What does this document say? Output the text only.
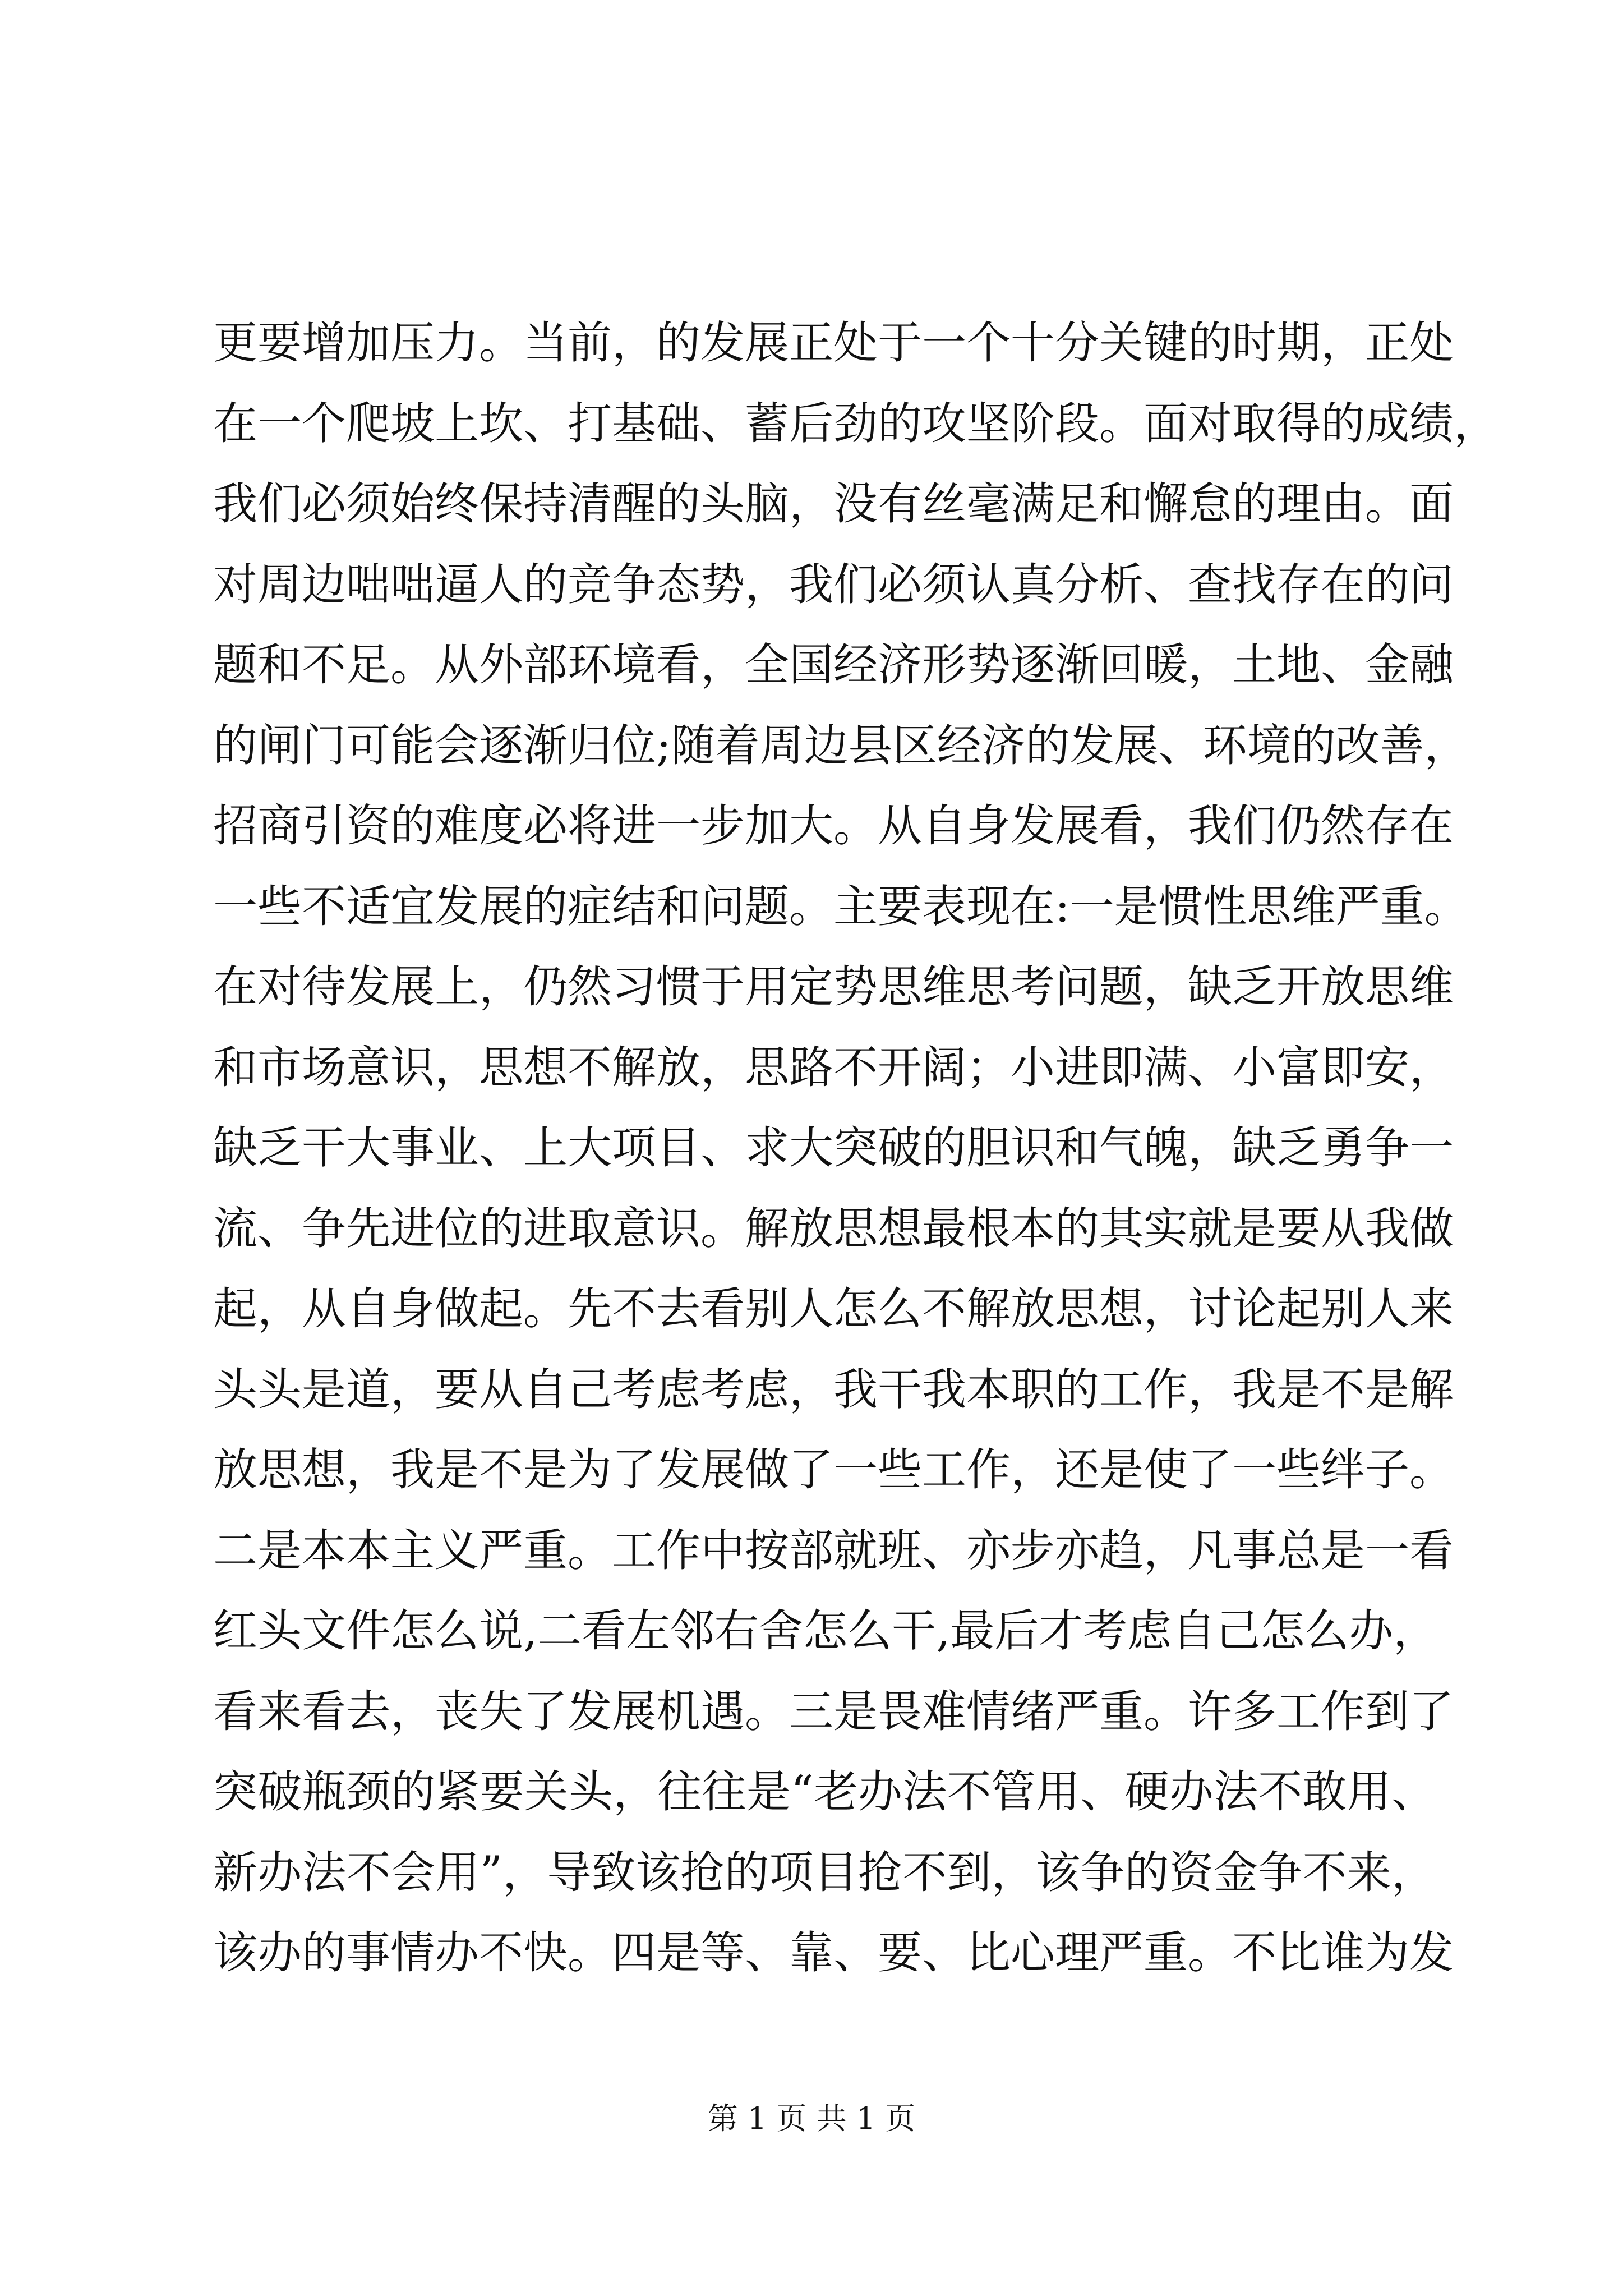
更要增加压力。当前，的发展正处于一个十分关键的时期，正处
在一个爬坡上坎、打基础、蓄后劲的攻坚阶段。面对取得的成绩，
我们必须始终保持清醒的头脑，没有丝毫满足和懈怠的理由。面
对周边咄咄逼人的竞争态势，我们必须认真分析、查找存在的问
题和不足。从外部环境看，全国经济形势逐渐回暖，土地、金融
的闸门可能会逐渐归位;随着周边县区经济的发展、环境的改善，
招商引资的难度必将进一步加大。从自身发展看，我们仍然存在
一些不适宜发展的症结和问题。主要表现在:一是惯性思维严重。
在对待发展上，仍然习惯于用定势思维思考问题，缺乏开放思维
和市场意识，思想不解放，思路不开阔；小进即满、小富即安，
缺乏干大事业、上大项目、求大突破的胆识和气魄，缺乏勇争一
流、争先进位的进取意识。解放思想最根本的其实就是要从我做
起，从自身做起。先不去看别人怎么不解放思想，讨论起别人来
头头是道，要从自己考虑考虑，我干我本职的工作，我是不是解
放思想，我是不是为了发展做了一些工作，还是使了一些绊子。
二是本本主义严重。工作中按部就班、亦步亦趋，凡事总是一看
红头文件怎么说,二看左邻右舍怎么干,最后才考虑自己怎么办，
看来看去，丧失了发展机遇。三是畏难情绪严重。许多工作到了
突破瓶颈的紧要关头，往往是“老办法不管用、硬办法不敢用、
新办法不会用”，导致该抢的项目抢不到，该争的资金争不来，
该办的事情办不快。四是等、靠、要、比心理严重。不比谁为发
第 1 页 共 1 页
